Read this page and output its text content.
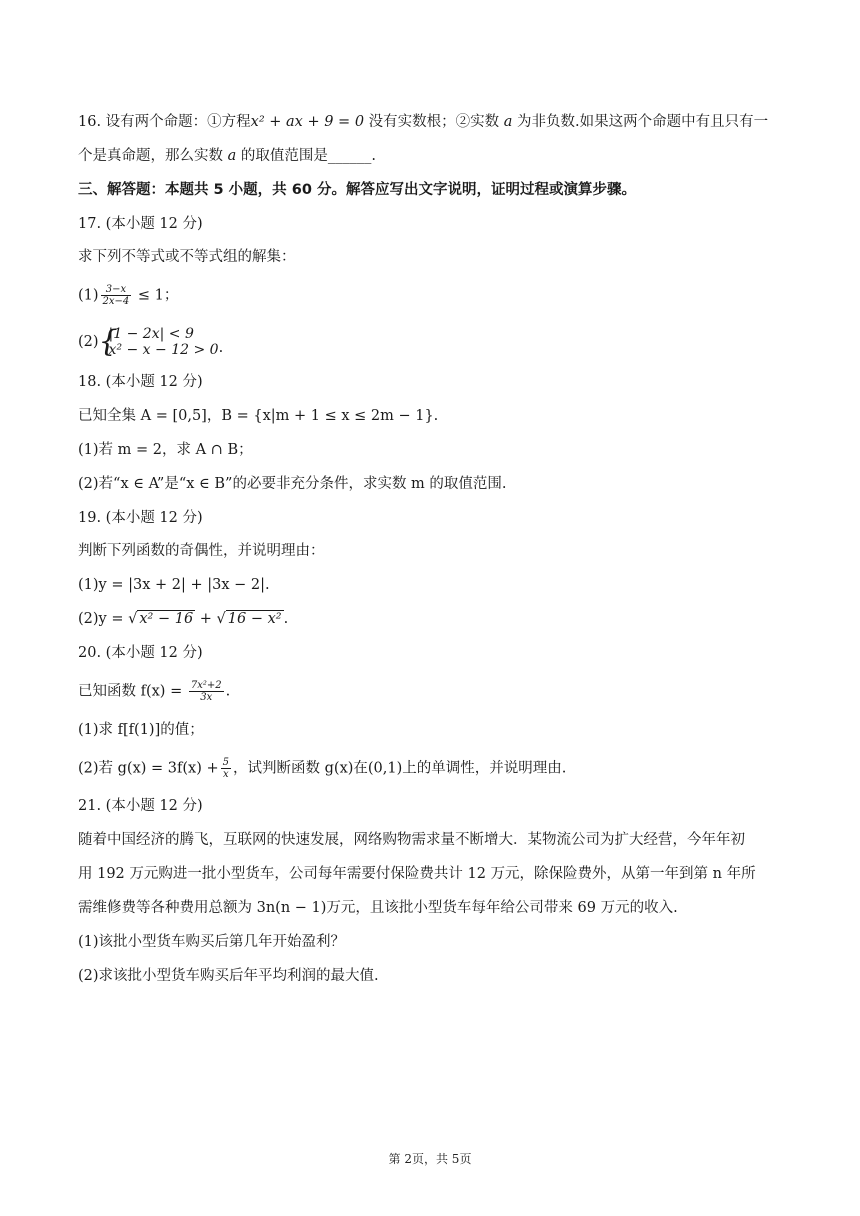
16. 设有两个命题：①方程x² + ax + 9 = 0 没有实数根；②实数 a 为非负数.如果这两个命题中有且只有一
个是真命题，那么实数 a 的取值范围是______.
三、解答题：本题共 5 小题，共 60 分。解答应写出文字说明，证明过程或演算步骤。
17. (本小题 12 分)
求下列不等式或不等式组的解集：
$(1) \frac{3-x}{2x-4} \le 1$；
(2) {
|1 − 2x| < 9
x² − x − 12 > 0 .
18. (本小题 12 分)
已知全集 A = [0,5]，B = {x|m + 1 ≤ x ≤ 2m − 1}.
(1)若 m = 2，求 A ∩ B；
(2)若“x ∈ A”是“x ∈ B”的必要非充分条件，求实数 m 的取值范围.
19. (本小题 12 分)
判断下列函数的奇偶性，并说明理由：
(1)y = |3x + 2| + |3x − 2|.
(2)y = √ x² − 16 + √ 16 − x² .
20. (本小题 12 分)
已知函数 $f(x) = \frac{\text{7x²+2}}{3x}$ .
(1)求 f[f(1)]的值；
(2)若 $g(x) = 3f(x) + \frac{5}{x}$ ，试判断函数 g(x)在(0,1)上的单调性，并说明理由.
21. (本小题 12 分)
随着中国经济的腾飞，互联网的快速发展，网络购物需求量不断增大．某物流公司为扩大经营，今年年初
用 192 万元购进一批小型货车，公司每年需要付保险费共计 12 万元，除保险费外，从第一年到第 n 年所
需维修费等各种费用总额为 3n(n − 1)万元，且该批小型货车每年给公司带来 69 万元的收入.
(1)该批小型货车购买后第几年开始盈利？
(2)求该批小型货车购买后年平均利润的最大值.
第 2页，共 5页
